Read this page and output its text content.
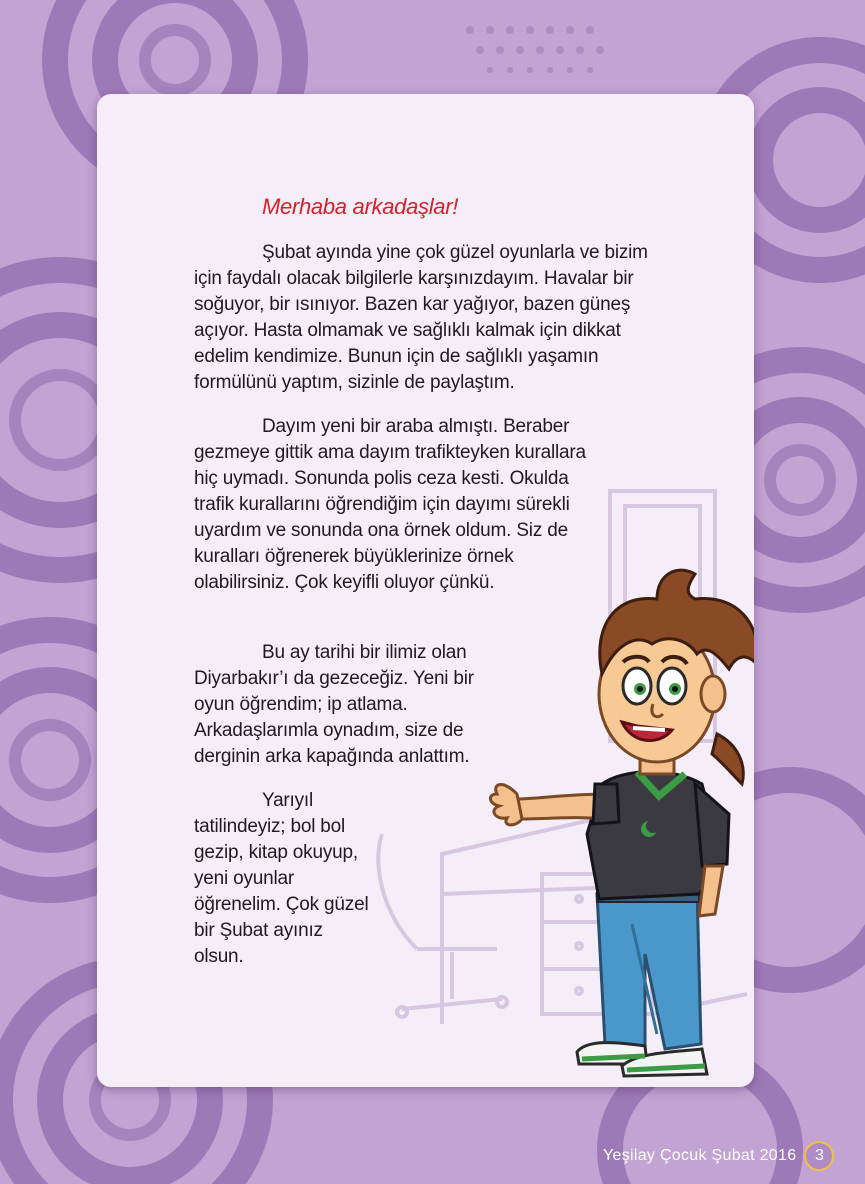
Merhaba arkadaşlar!

Şubat ayında yine çok güzel oyunlarla ve bizim için faydalı olacak bilgilerle karşınızdayım. Havalar bir soğuyor, bir ısınıyor. Bazen kar yağıyor, bazen güneş açıyor. Hasta olmamak ve sağlıklı kalmak için dikkat edelim kendimize. Bunun için de sağlıklı yaşamın formülünü yaptım, sizinle de paylaştım.

Dayım yeni bir araba almıştı. Beraber gezmeye gittik ama dayım trafikteyken kurallara hiç uymadı. Sonunda polis ceza kesti. Okulda trafik kurallarını öğrendiğim için dayımı sürekli uyardım ve sonunda ona örnek oldum. Siz de kuralları öğrenerek büyüklerinize örnek olabilirsiniz. Çok keyifli oluyor çünkü.

Bu ay tarihi bir ilimiz olan Diyarbakır’ı da gezeceğiz. Yeni bir oyun öğrendim; ip atlama. Arkadaşlarımla oynadım, size de derginin arka kapağında anlattım.

Yarıyıl tatilindeyiz; bol bol gezip, kitap okuyup, yeni oyunlar öğrenelim. Çok güzel bir Şubat ayınız olsun.

Yeşilay Çocuk Şubat 2016	3
